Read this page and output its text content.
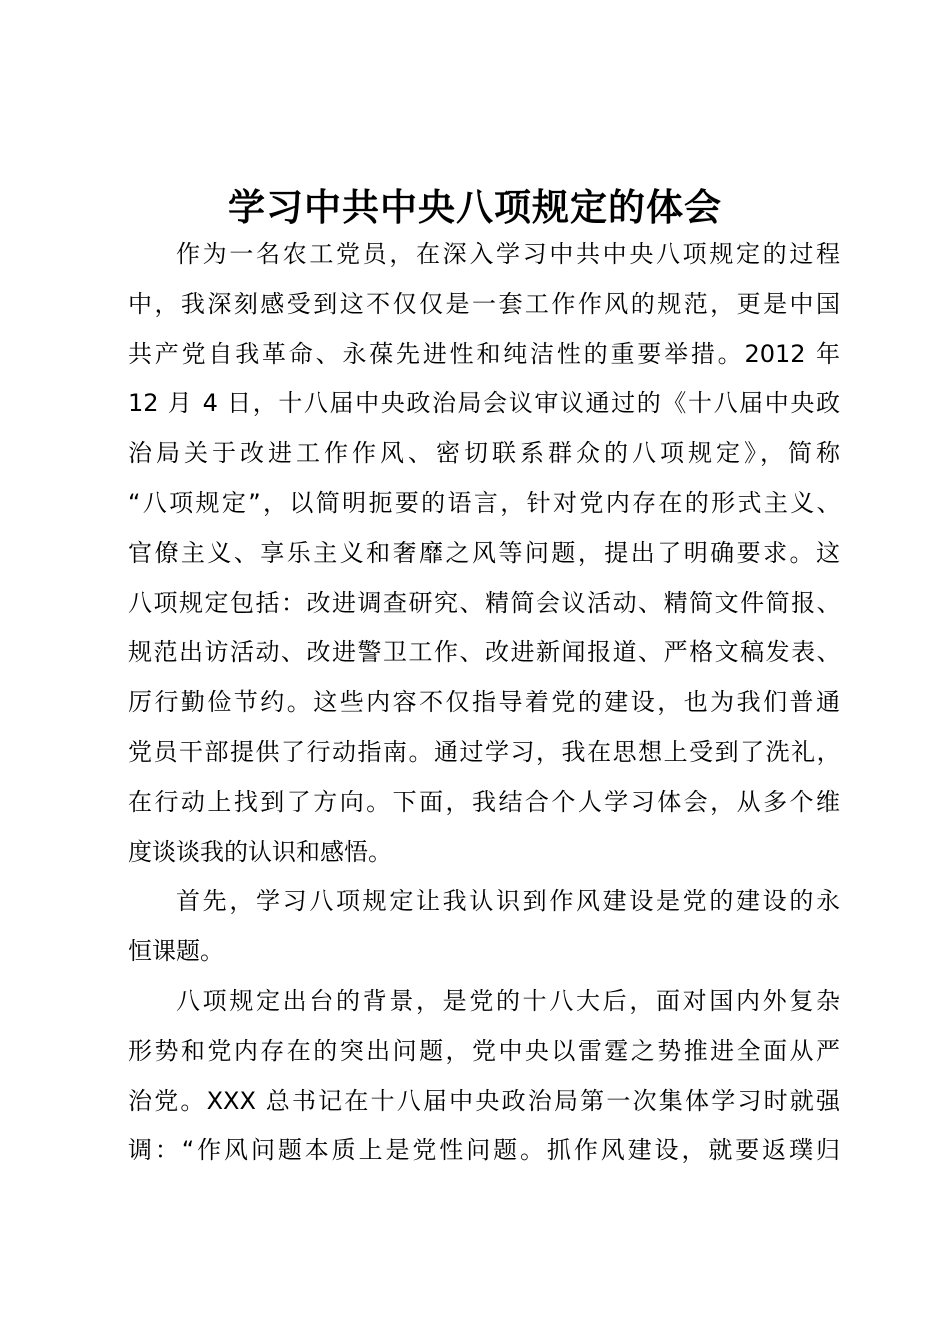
学习中共中央八项规定的体会

作为一名农工党员，在深入学习中共中央八项规定的过程
中，我深刻感受到这不仅仅是一套工作作风的规范，更是中国
共产党自我革命、永葆先进性和纯洁性的重要举措。2012 年
12 月 4 日，十八届中央政治局会议审议通过的《十八届中央政
治局关于改进工作作风、密切联系群众的八项规定》，简称
“八项规定”，以简明扼要的语言，针对党内存在的形式主义、
官僚主义、享乐主义和奢靡之风等问题，提出了明确要求。这
八项规定包括：改进调查研究、精简会议活动、精简文件简报、
规范出访活动、改进警卫工作、改进新闻报道、严格文稿发表、
厉行勤俭节约。这些内容不仅指导着党的建设，也为我们普通
党员干部提供了行动指南。通过学习，我在思想上受到了洗礼，
在行动上找到了方向。下面，我结合个人学习体会，从多个维
度谈谈我的认识和感悟。

首先，学习八项规定让我认识到作风建设是党的建设的永
恒课题。

八项规定出台的背景，是党的十八大后，面对国内外复杂
形势和党内存在的突出问题，党中央以雷霆之势推进全面从严
治党。XXX 总书记在十八届中央政治局第一次集体学习时就强
调：“作风问题本质上是党性问题。抓作风建设，就要返璞归
